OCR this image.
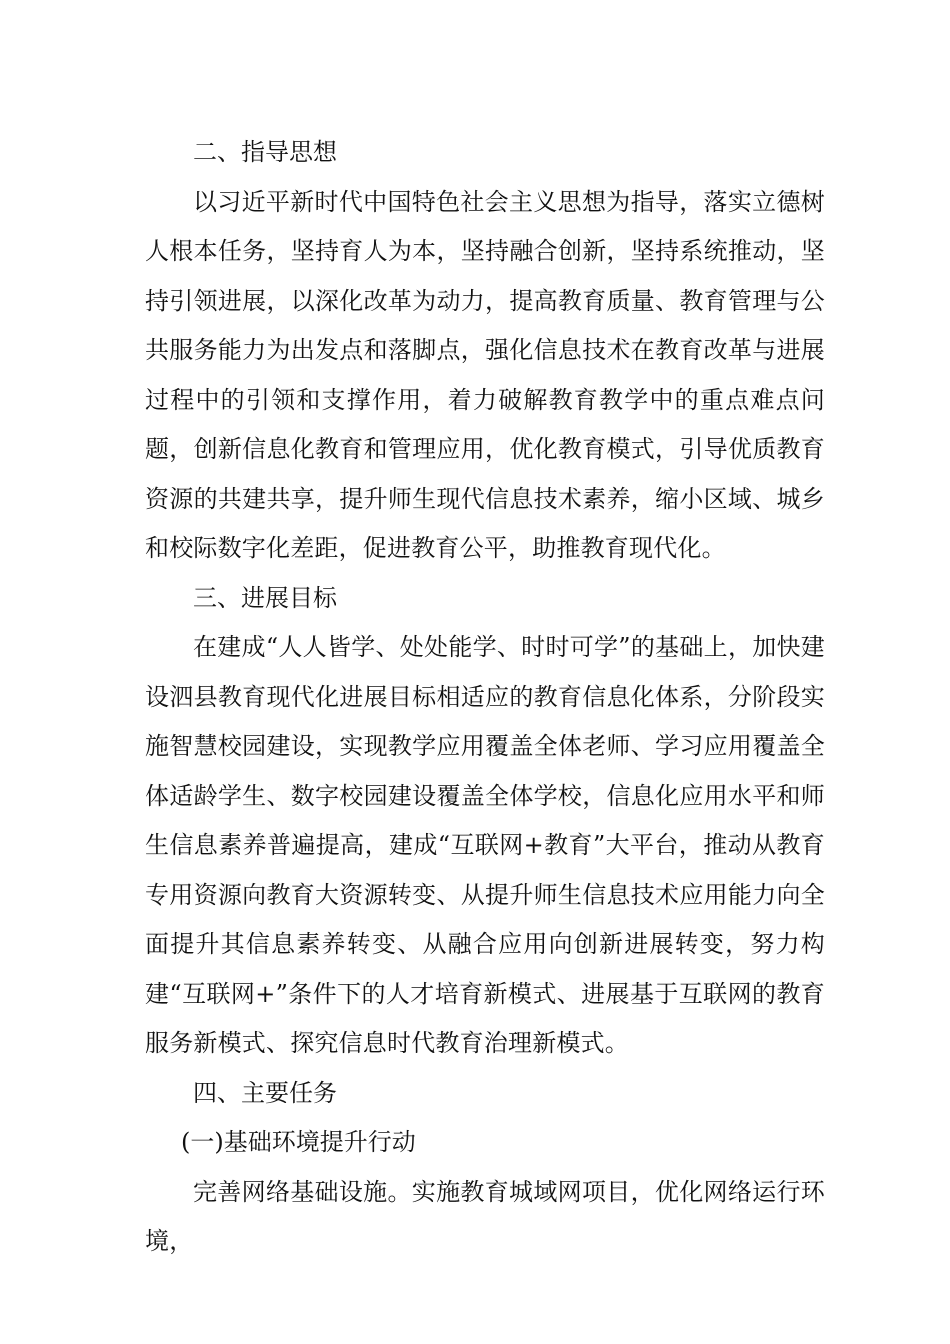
二、指导思想

以习近平新时代中国特色社会主义思想为指导，落实立德树人根本任务，坚持育人为本，坚持融合创新，坚持系统推动，坚持引领进展，以深化改革为动力，提高教育质量、教育管理与公共服务能力为出发点和落脚点，强化信息技术在教育改革与进展过程中的引领和支撑作用，着力破解教育教学中的重点难点问题，创新信息化教育和管理应用，优化教育模式，引导优质教育资源的共建共享，提升师生现代信息技术素养，缩小区域、城乡和校际数字化差距，促进教育公平，助推教育现代化。

三、进展目标

在建成“人人皆学、处处能学、时时可学”的基础上，加快建设泗县教育现代化进展目标相适应的教育信息化体系，分阶段实施智慧校园建设，实现教学应用覆盖全体老师、学习应用覆盖全体适龄学生、数字校园建设覆盖全体学校，信息化应用水平和师生信息素养普遍提高，建成“互联网+教育”大平台，推动从教育专用资源向教育大资源转变、从提升师生信息技术应用能力向全面提升其信息素养转变、从融合应用向创新进展转变，努力构建“互联网+”条件下的人才培育新模式、进展基于互联网的教育服务新模式、探究信息时代教育治理新模式。

四、主要任务

(一)基础环境提升行动

完善网络基础设施。实施教育城域网项目，优化网络运行环境，
